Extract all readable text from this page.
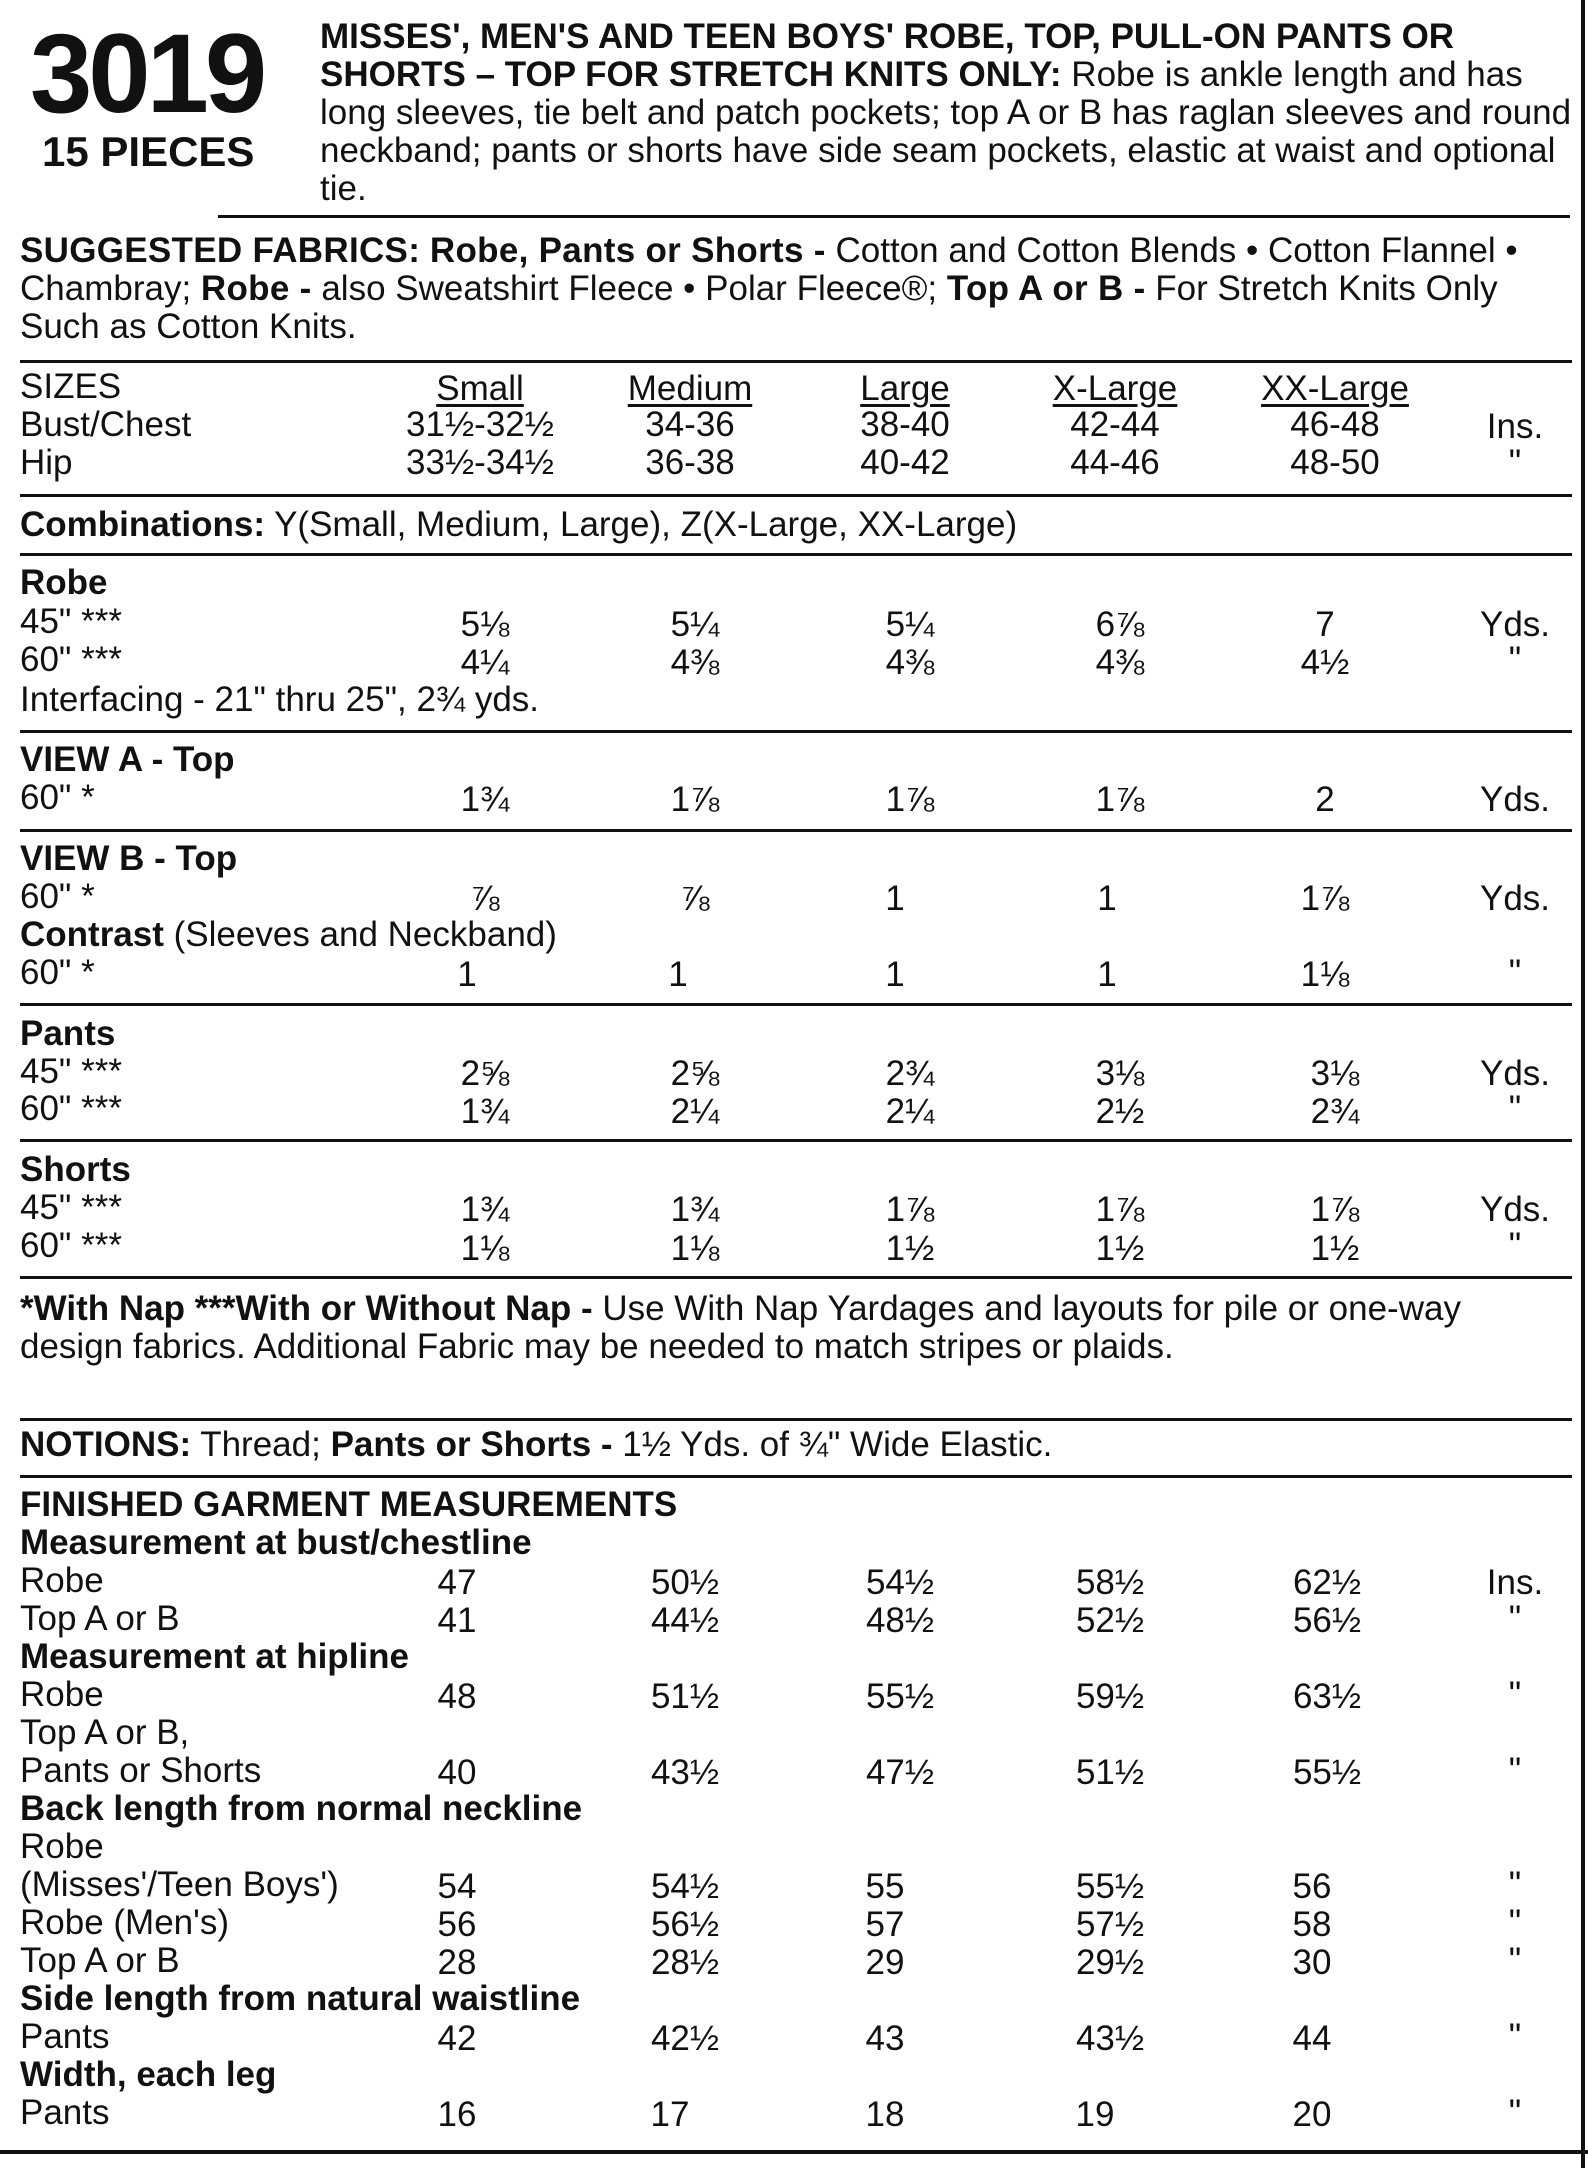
3019
15 PIECES
MISSES', MEN'S AND TEEN BOYS' ROBE, TOP, PULL-ON PANTS OR SHORTS – TOP FOR STRETCH KNITS ONLY: Robe is ankle length and has long sleeves, tie belt and patch pockets; top A or B has raglan sleeves and round neckband; pants or shorts have side seam pockets, elastic at waist and optional tie.
SUGGESTED FABRICS: Robe, Pants or Shorts - Cotton and Cotton Blends • Cotton Flannel • Chambray; Robe - also Sweatshirt Fleece • Polar Fleece®; Top A or B - For Stretch Knits Only Such as Cotton Knits.
SIZES	Small	Medium	Large	X-Large	XX-Large
Bust/Chest	31½-32½	34-36	38-40	42-44	46-48	Ins.
Hip	33½-34½	36-38	40-42	44-46	48-50	"
Combinations: Y(Small, Medium, Large), Z(X-Large, XX-Large)
Robe
45" ***	5⅛	5¼	5¼	6⅞	7	Yds.
60" ***	4¼	4⅜	4⅜	4⅜	4½	"
Interfacing - 21" thru 25", 2¾ yds.
VIEW A - Top
60" *	1¾	1⅞	1⅞	1⅞	2	Yds.
VIEW B - Top
60" *	⅞	⅞	1	1	1⅞	Yds.
Contrast (Sleeves and Neckband)
60" *	1	1	1	1	1⅛	"
Pants
45" ***	2⅝	2⅝	2¾	3⅛	3⅛	Yds.
60" ***	1¾	2¼	2¼	2½	2¾	"
Shorts
45" ***	1¾	1¾	1⅞	1⅞	1⅞	Yds.
60" ***	1⅛	1⅛	1½	1½	1½	"
*With Nap ***With or Without Nap - Use With Nap Yardages and layouts for pile or one-way design fabrics. Additional Fabric may be needed to match stripes or plaids.
NOTIONS: Thread; Pants or Shorts - 1½ Yds. of ¾" Wide Elastic.
FINISHED GARMENT MEASUREMENTS
Measurement at bust/chestline
Robe	47	50½	54½	58½	62½	Ins.
Top A or B	41	44½	48½	52½	56½	"
Measurement at hipline
Robe	48	51½	55½	59½	63½	"
Top A or B,
Pants or Shorts	40	43½	47½	51½	55½	"
Back length from normal neckline
Robe
(Misses'/Teen Boys')	54	54½	55	55½	56	"
Robe (Men's)	56	56½	57	57½	58	"
Top A or B	28	28½	29	29½	30	"
Side length from natural waistline
Pants	42	42½	43	43½	44	"
Width, each leg
Pants	16	17	18	19	20	"
